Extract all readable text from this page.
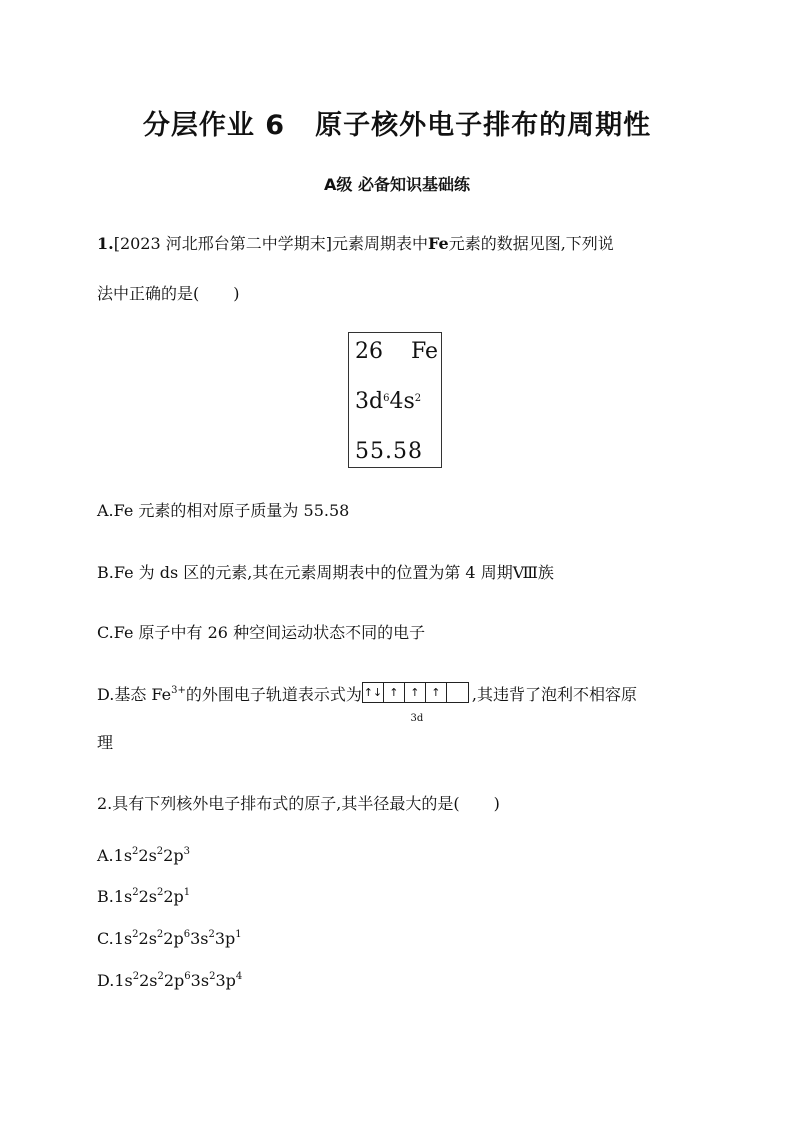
分层作业 6 原子核外电子排布的周期性
A级 必备知识基础练
1.[2023 河北邢台第二中学期末]元素周期表中Fe元素的数据见图,下列说
法中正确的是( )
26 Fe
$3d^64s^2$
55.58
A.Fe 元素的相对原子质量为 55.58
B.Fe 为 ds 区的元素,其在元素周期表中的位置为第 4 周期Ⅷ族
C.Fe 原子中有 26 种空间运动状态不同的电子
D.基态 $Fe^{3+}$的外围电子轨道表示式为 ↑↓ ↑	↑	↑
3d
,其违背了泡利不相容原
理
2.具有下列核外电子排布式的原子,其半径最大的是( )
$A.1s^22s^22p^3$
$B.1s^22s^22p^1$
$C.1s^22s^22p^63s^23p^1$
$D.1s^22s^22p^63s^23p^4$
